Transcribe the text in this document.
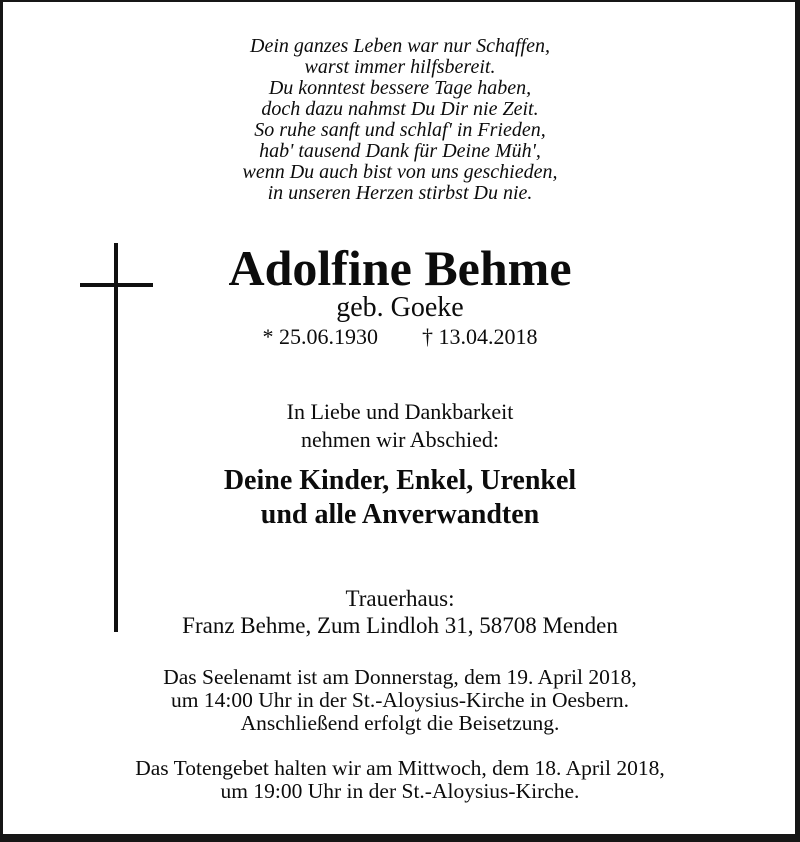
Dein ganzes Leben war nur Schaffen,
warst immer hilfsbereit.
Du konntest bessere Tage haben,
doch dazu nahmst Du Dir nie Zeit.
So ruhe sanft und schlaf' in Frieden,
hab' tausend Dank für Deine Müh',
wenn Du auch bist von uns geschieden,
in unseren Herzen stirbst Du nie.
Adolfine Behme
geb. Goeke
* 25.06.1930 † 13.04.2018
In Liebe und Dankbarkeit
nehmen wir Abschied:
Deine Kinder, Enkel, Urenkel
und alle Anverwandten
Trauerhaus:
Franz Behme, Zum Lindloh 31, 58708 Menden
Das Seelenamt ist am Donnerstag, dem 19. April 2018,
um 14:00 Uhr in der St.-Aloysius-Kirche in Oesbern.
Anschließend erfolgt die Beisetzung.
Das Totengebet halten wir am Mittwoch, dem 18. April 2018,
um 19:00 Uhr in der St.-Aloysius-Kirche.
